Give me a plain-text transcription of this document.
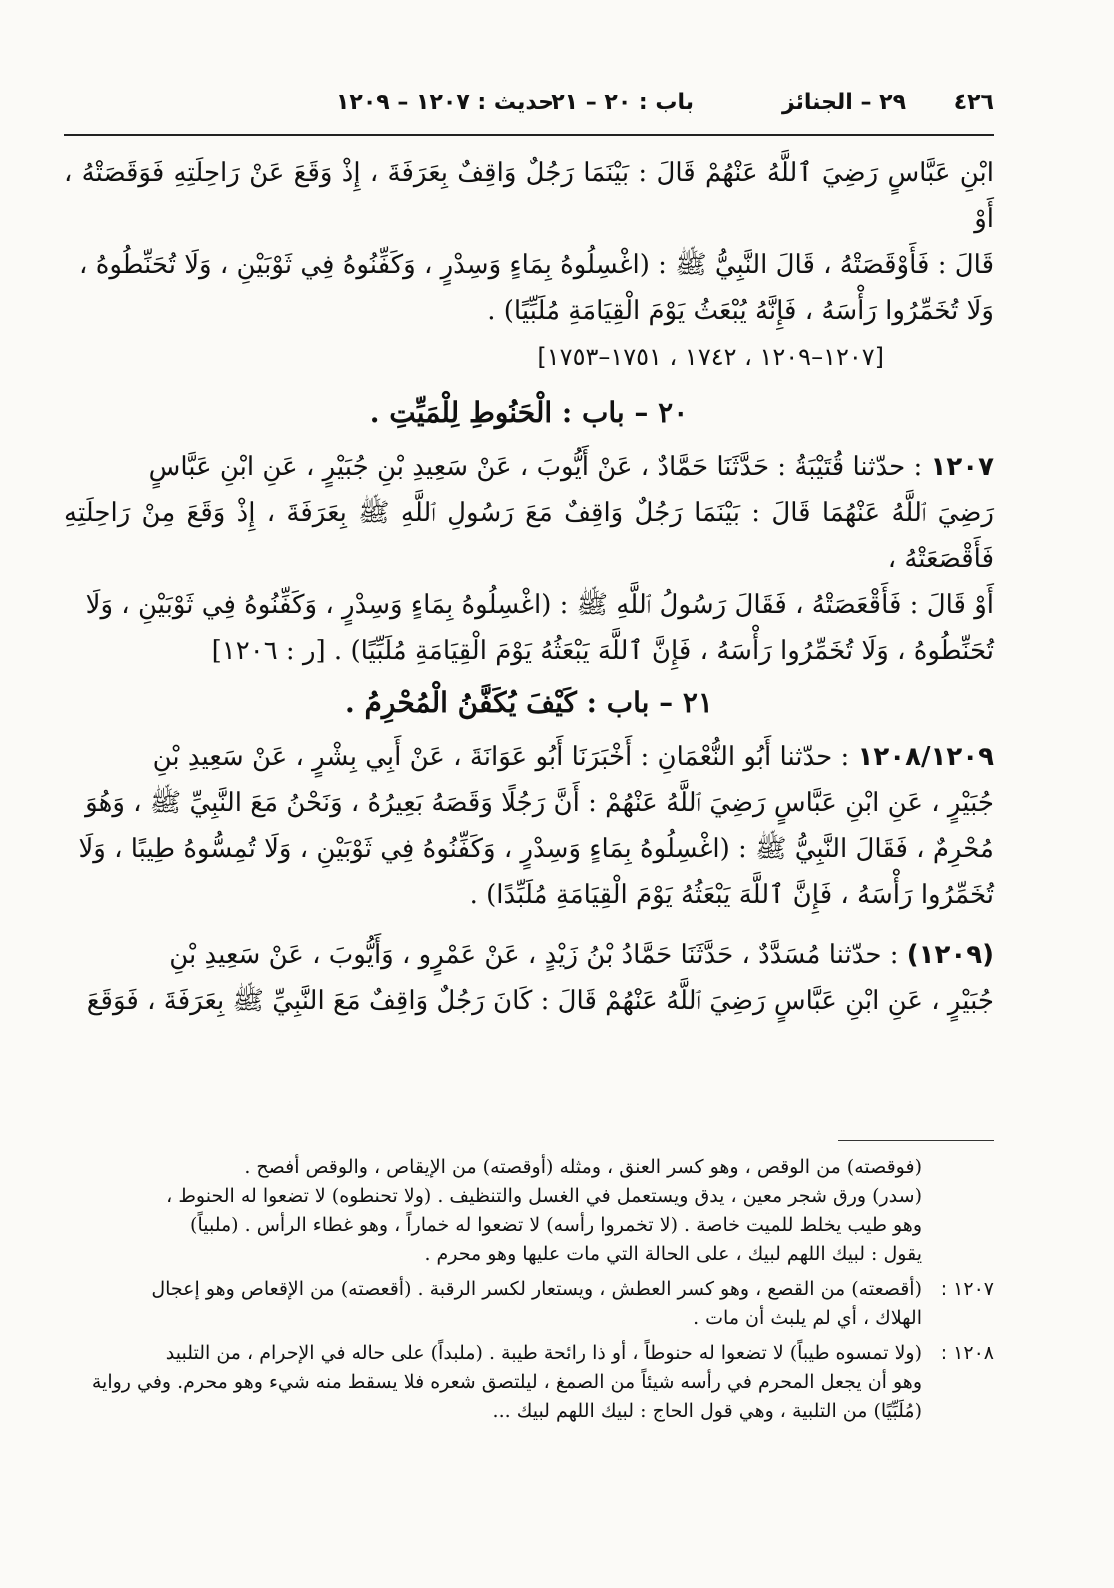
٤٢٦
٢٩ – الجنائز
باب : ٢٠ – ٢١
حديث : ١٢٠٧ – ١٢٠٩

ابْنِ عَبَّاسٍ رَضِيَ ٱللَّهُ عَنْهُمْ قَالَ : بَيْنَمَا رَجُلٌ وَاقِفٌ بِعَرَفَةَ ، إِذْ وَقَعَ عَنْ رَاحِلَتِهِ فَوَقَصَتْهُ ، أَوْ

قَالَ : فَأَوْقَصَتْهُ ، قَالَ النَّبِيُّ ﷺ : (اغْسِلُوهُ بِمَاءٍ وَسِدْرٍ ، وَكَفِّنُوهُ فِي ثَوْبَيْنِ ، وَلَا تُحَنِّطُوهُ ،

وَلَا تُخَمِّرُوا رَأْسَهُ ، فَإِنَّهُ يُبْعَثُ يَوْمَ الْقِيَامَةِ مُلَبِّيًا) .

[١٢٠٧–١٢٠٩ ، ١٧٤٢ ، ١٧٥١–١٧٥٣]

٢٠ – باب : الْحَنُوطِ لِلْمَيِّتِ .

١٢٠٧ : حدّثنا قُتَيْبَةُ : حَدَّثَنَا حَمَّادٌ ، عَنْ أَيُّوبَ ، عَنْ سَعِيدِ بْنِ جُبَيْرٍ ، عَنِ ابْنِ عَبَّاسٍ

رَضِيَ ٱللَّهُ عَنْهُمَا قَالَ : بَيْنَمَا رَجُلٌ وَاقِفٌ مَعَ رَسُولِ ٱللَّهِ ﷺ بِعَرَفَةَ ، إِذْ وَقَعَ مِنْ رَاحِلَتِهِ فَأَقْصَعَتْهُ ،

أَوْ قَالَ : فَأَقْعَصَتْهُ ، فَقَالَ رَسُولُ ٱللَّهِ ﷺ : (اغْسِلُوهُ بِمَاءٍ وَسِدْرٍ ، وَكَفِّنُوهُ فِي ثَوْبَيْنِ ، وَلَا

تُحَنِّطُوهُ ، وَلَا تُخَمِّرُوا رَأْسَهُ ، فَإِنَّ ٱللَّهَ يَبْعَثُهُ يَوْمَ الْقِيَامَةِ مُلَبِّيًا) . [ر : ١٢٠٦]

٢١ – باب : كَيْفَ يُكَفَّنُ الْمُحْرِمُ .

١٢٠٨/١٢٠٩ : حدّثنا أَبُو النُّعْمَانِ : أَخْبَرَنَا أَبُو عَوَانَةَ ، عَنْ أَبِي بِشْرٍ ، عَنْ سَعِيدِ بْنِ

جُبَيْرٍ ، عَنِ ابْنِ عَبَّاسٍ رَضِيَ ٱللَّهُ عَنْهُمْ : أَنَّ رَجُلًا وَقَصَهُ بَعِيرُهُ ، وَنَحْنُ مَعَ النَّبِيِّ ﷺ ، وَهُوَ

مُحْرِمٌ ، فَقَالَ النَّبِيُّ ﷺ : (اغْسِلُوهُ بِمَاءٍ وَسِدْرٍ ، وَكَفِّنُوهُ فِي ثَوْبَيْنِ ، وَلَا تُمِسُّوهُ طِيبًا ، وَلَا

تُخَمِّرُوا رَأْسَهُ ، فَإِنَّ ٱللَّهَ يَبْعَثُهُ يَوْمَ الْقِيَامَةِ مُلَبِّدًا) .

(١٢٠٩) : حدّثنا مُسَدَّدٌ ، حَدَّثَنَا حَمَّادُ بْنُ زَيْدٍ ، عَنْ عَمْرٍو ، وَأَيُّوبَ ، عَنْ سَعِيدِ بْنِ

جُبَيْرٍ ، عَنِ ابْنِ عَبَّاسٍ رَضِيَ ٱللَّهُ عَنْهُمْ قَالَ : كَانَ رَجُلٌ وَاقِفٌ مَعَ النَّبِيِّ ﷺ بِعَرَفَةَ ، فَوَقَعَ

(فوقصته) من الوقص ، وهو كسر العنق ، ومثله (أوقصته) من الإيقاص ، والوقص أفصح .
(سدر) ورق شجر معين ، يدق ويستعمل في الغسل والتنظيف . (ولا تحنطوه) لا تضعوا له الحنوط ،
وهو طيب يخلط للميت خاصة . (لا تخمروا رأسه) لا تضعوا له خماراً ، وهو غطاء الرأس . (ملبياً)
يقول : لبيك اللهم لبيك ، على الحالة التي مات عليها وهو محرم .
١٢٠٧ :
(أقصعته) من القصع ، وهو كسر العطش ، ويستعار لكسر الرقبة . (أقعصته) من الإقعاص وهو إعجال
الهلاك ، أي لم يلبث أن مات .
١٢٠٨ :
(ولا تمسوه طيباً) لا تضعوا له حنوطاً ، أو ذا رائحة طيبة . (ملبداً) على حاله في الإحرام ، من التلبيد
وهو أن يجعل المحرم في رأسه شيئاً من الصمغ ، ليلتصق شعره فلا يسقط منه شيء وهو محرم. وفي رواية
(مُلَبِّيًا) من التلبية ، وهي قول الحاج : لبيك اللهم لبيك ...
